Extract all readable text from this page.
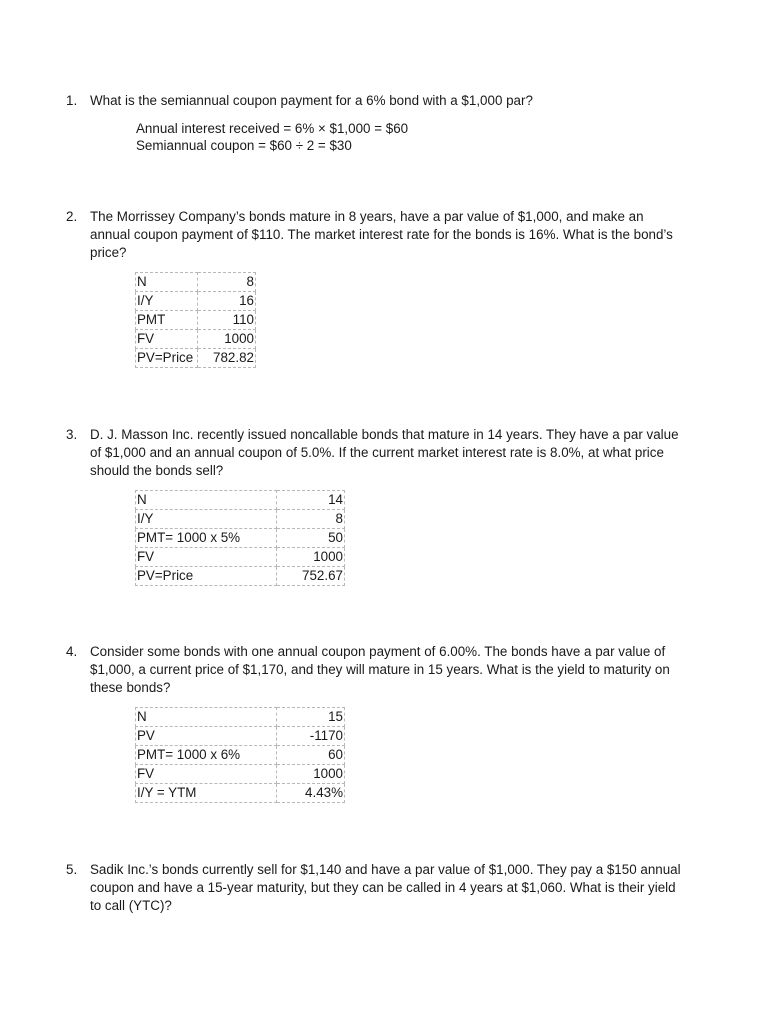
1. What is the semiannual coupon payment for a 6% bond with a $1,000 par?
Annual interest received = 6% × $1,000 = $60
Semiannual coupon = $60 ÷ 2 = $30
2. The Morrissey Company’s bonds mature in 8 years, have a par value of $1,000, and make an annual coupon payment of $110. The market interest rate for the bonds is 16%. What is the bond’s price?
N	8
I/Y	16
PMT	110
FV	1000
PV=Price	782.82
3. D. J. Masson Inc. recently issued noncallable bonds that mature in 14 years. They have a par value of $1,000 and an annual coupon of 5.0%. If the current market interest rate is 8.0%, at what price should the bonds sell?
N	14
I/Y	8
PMT= 1000 x 5%	50
FV	1000
PV=Price	752.67
4. Consider some bonds with one annual coupon payment of 6.00%. The bonds have a par value of $1,000, a current price of $1,170, and they will mature in 15 years. What is the yield to maturity on these bonds?
N	15
PV	-1170
PMT= 1000 x 6%	60
FV	1000
I/Y = YTM	4.43%
5. Sadik Inc.’s bonds currently sell for $1,140 and have a par value of $1,000. They pay a $150 annual coupon and have a 15-year maturity, but they can be called in 4 years at $1,060. What is their yield to call (YTC)?
